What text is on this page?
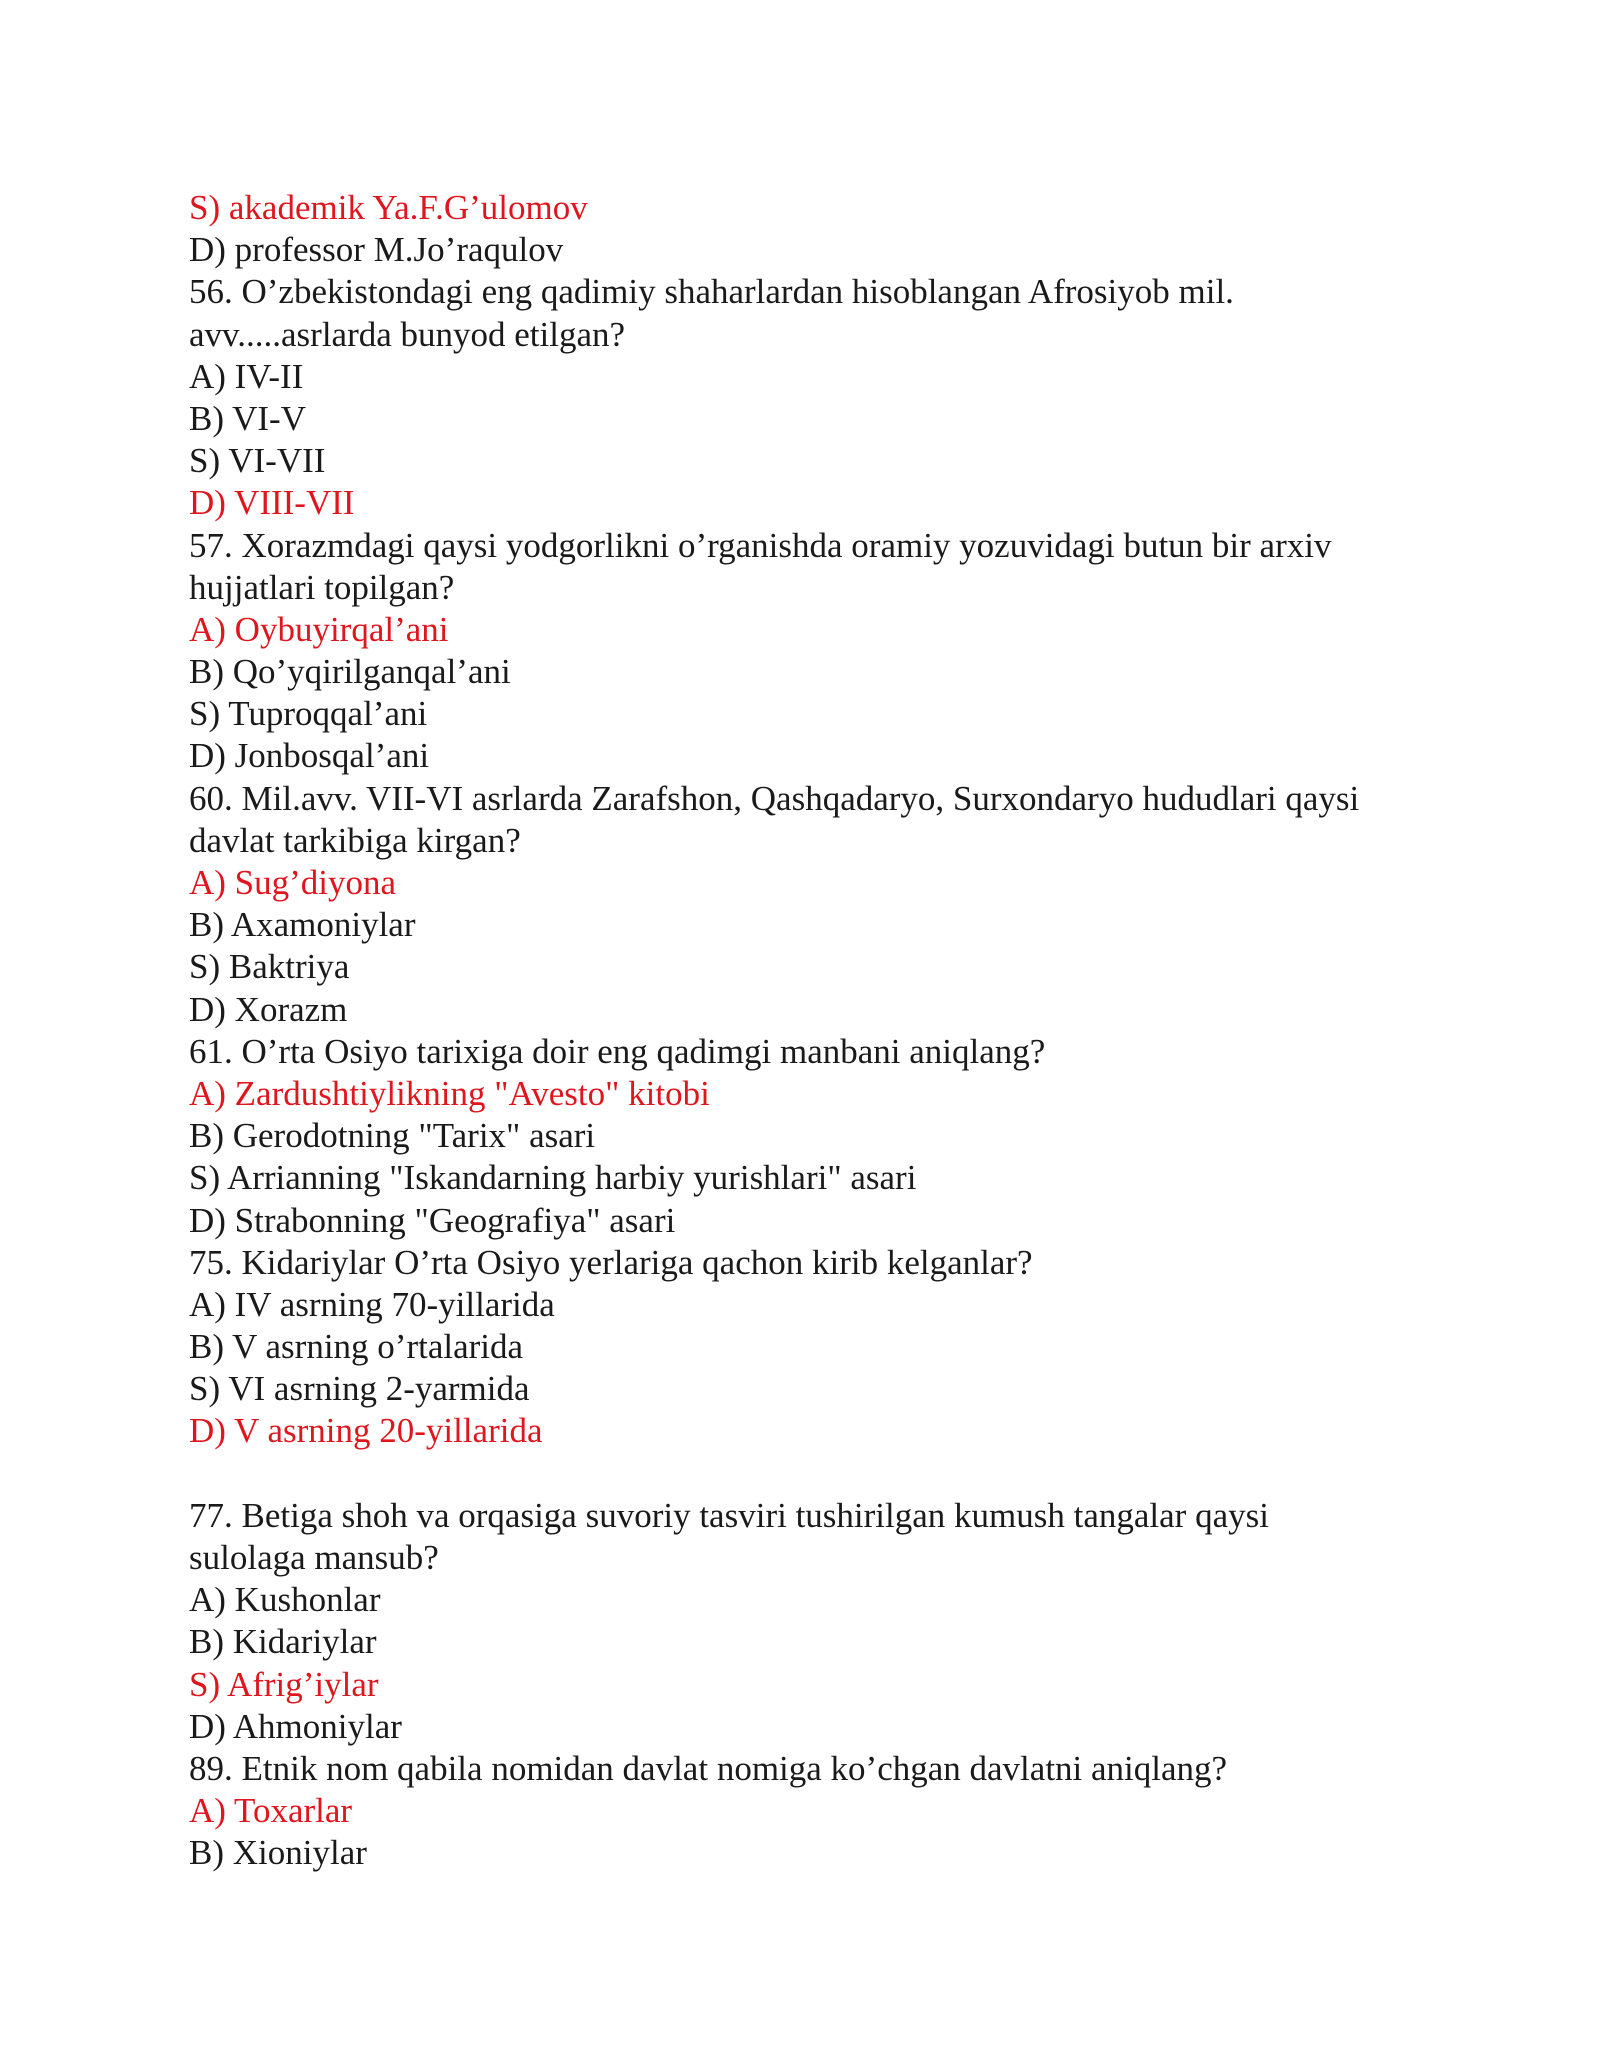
S) akademik Ya.F.G’ulomov
D) professor M.Jo’raqulov
56. O’zbekistondagi eng qadimiy shaharlardan hisoblangan Afrosiyob mil.
avv.....asrlarda bunyod etilgan?
A) IV-II
B) VI-V
S) VI-VII
D) VIII-VII
57. Xorazmdagi qaysi yodgorlikni o’rganishda oramiy yozuvidagi butun bir arxiv
hujjatlari topilgan?
A) Oybuyirqal’ani
B) Qo’yqirilganqal’ani
S) Tuproqqal’ani
D) Jonbosqal’ani
60. Mil.avv. VII-VI asrlarda Zarafshon, Qashqadaryo, Surxondaryo hududlari qaysi
davlat tarkibiga kirgan?
A) Sug’diyona
B) Axamoniylar
S) Baktriya
D) Xorazm
61. O’rta Osiyo tarixiga doir eng qadimgi manbani aniqlang?
A) Zardushtiylikning "Avesto" kitobi
B) Gerodotning "Tarix" asari
S) Arrianning "Iskandarning harbiy yurishlari" asari
D) Strabonning "Geografiya" asari
75. Kidariylar O’rta Osiyo yerlariga qachon kirib kelganlar?
A) IV asrning 70-yillarida
B) V asrning o’rtalarida
S) VI asrning 2-yarmida
D) V asrning 20-yillarida
77. Betiga shoh va orqasiga suvoriy tasviri tushirilgan kumush tangalar qaysi
sulolaga mansub?
A) Kushonlar
B) Kidariylar
S) Afrig’iylar
D) Ahmoniylar
89. Etnik nom qabila nomidan davlat nomiga ko’chgan davlatni aniqlang?
A) Toxarlar
B) Xioniylar
